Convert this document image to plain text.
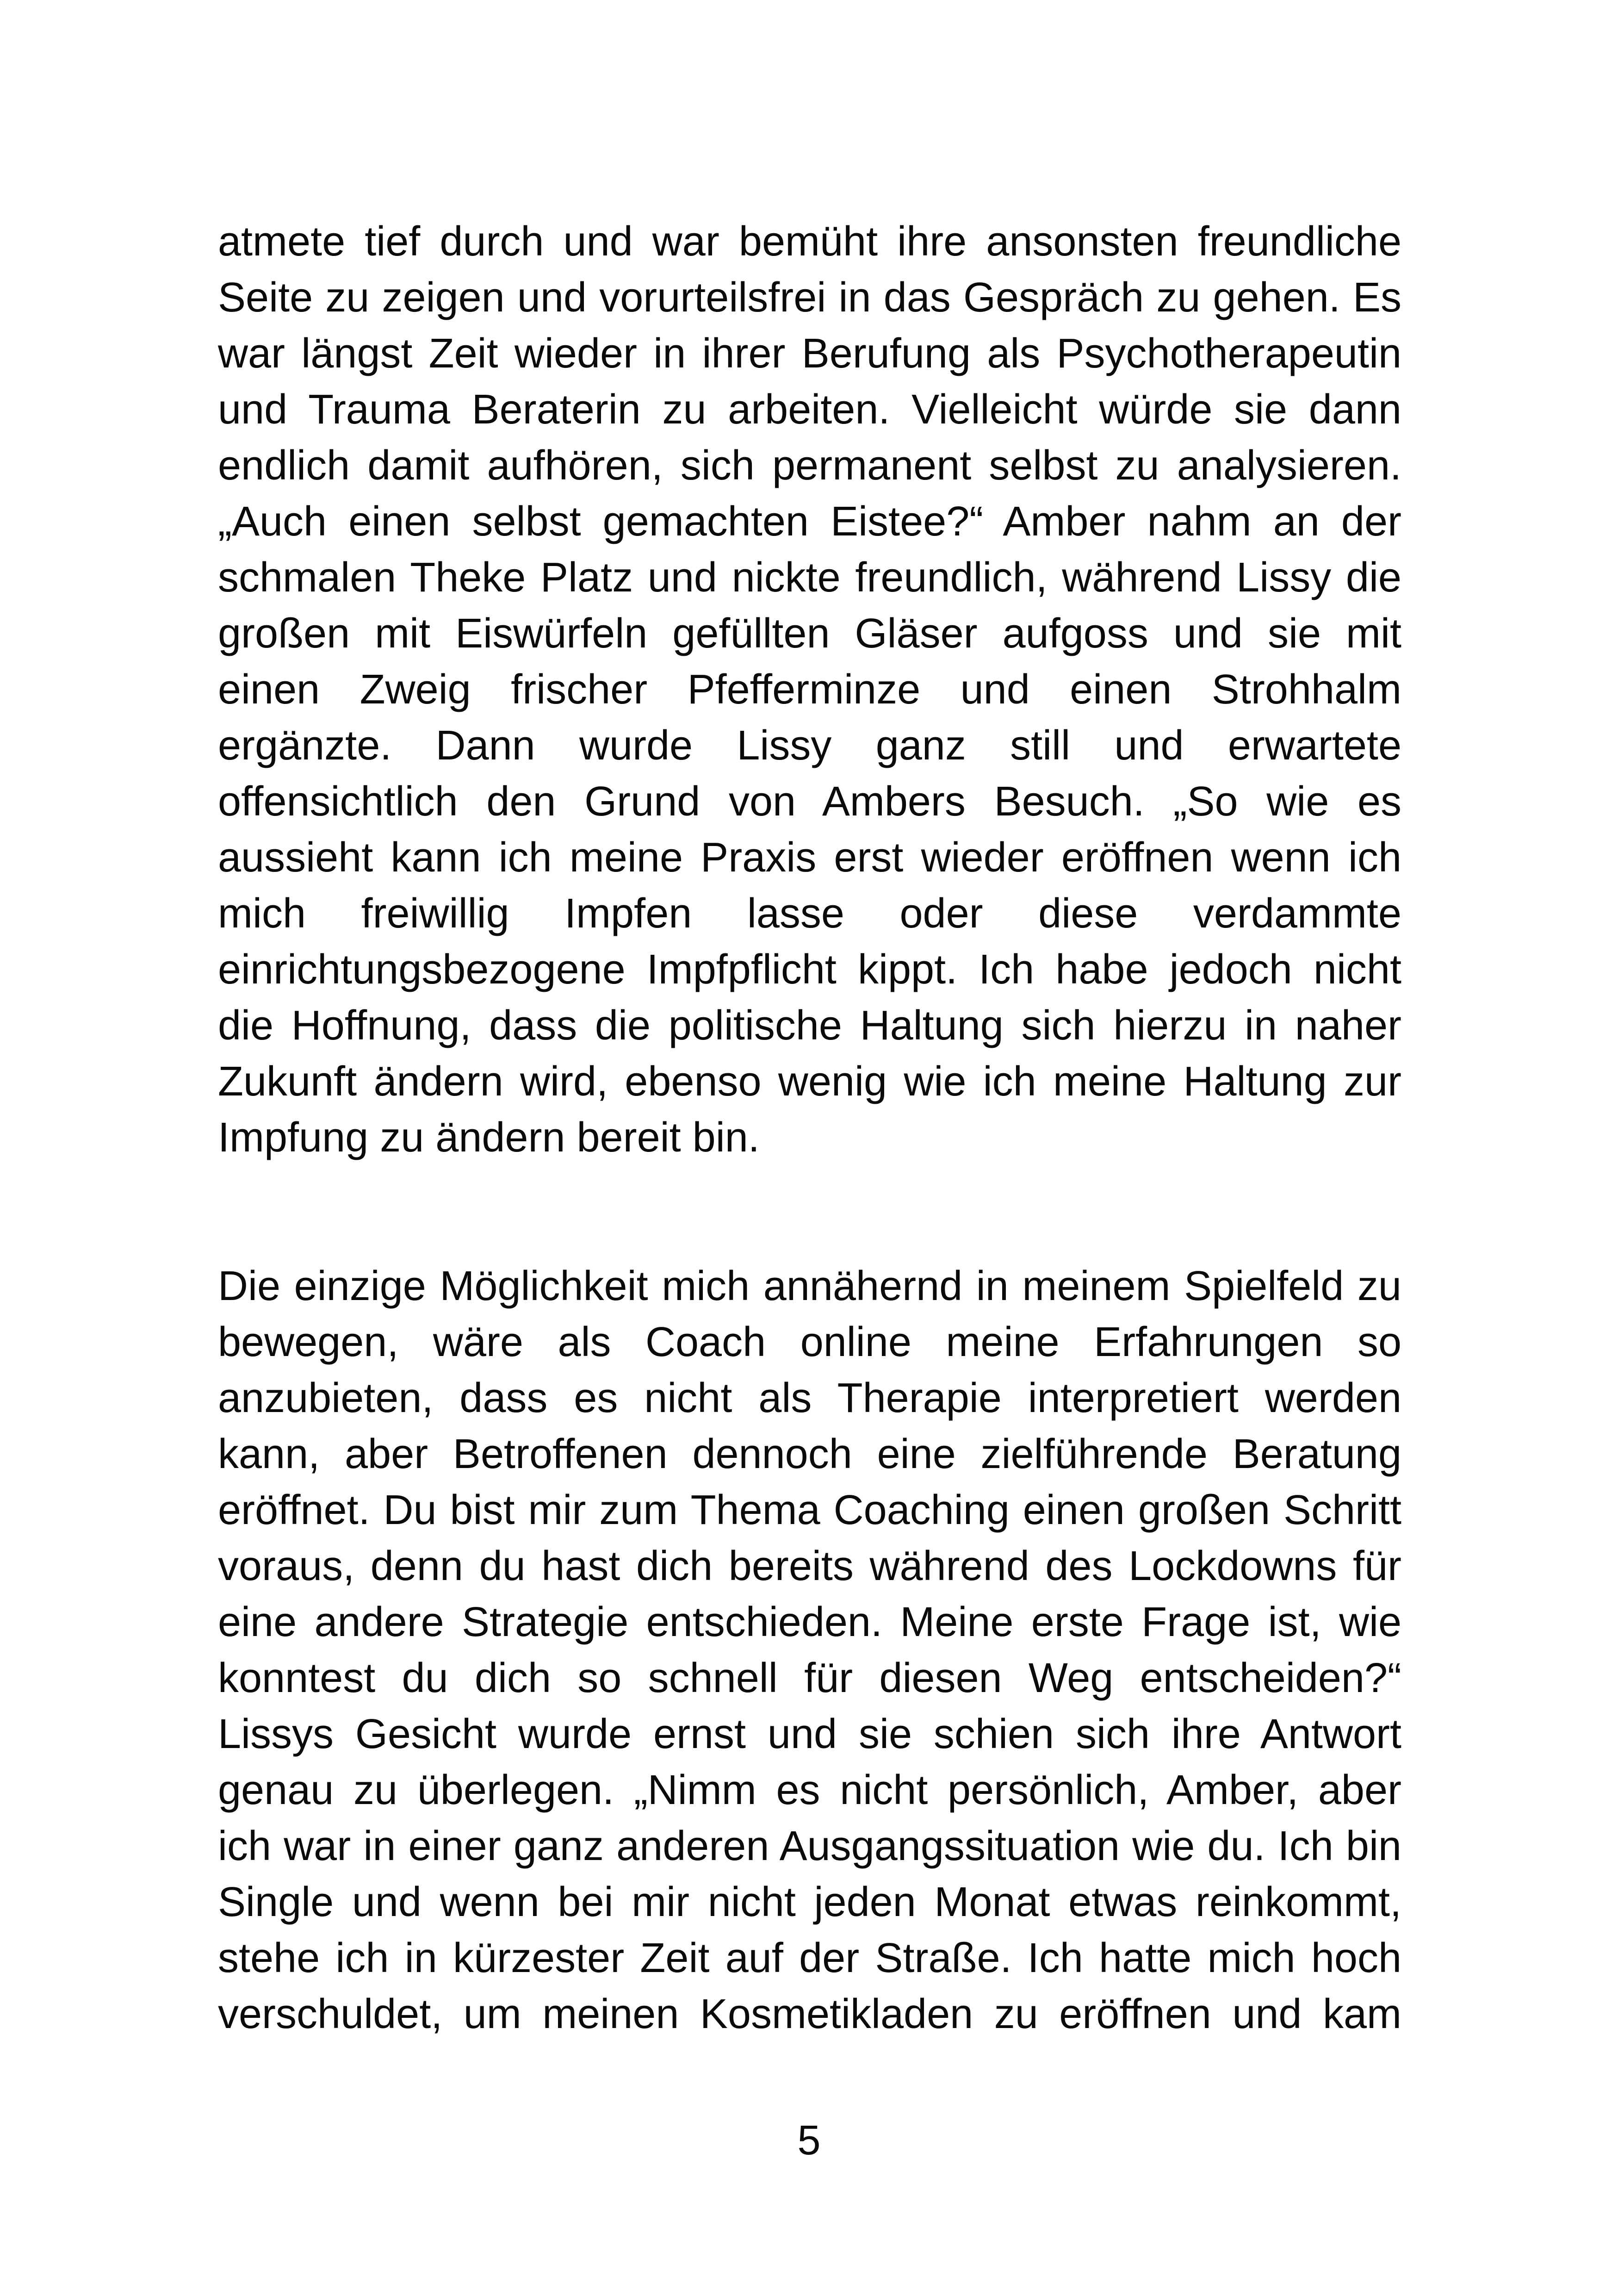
atmete tief durch und war bemüht ihre ansonsten freundliche
Seite zu zeigen und vorurteilsfrei in das Gespräch zu gehen. Es
war längst Zeit wieder in ihrer Berufung als Psychotherapeutin
und Trauma Beraterin zu arbeiten. Vielleicht würde sie dann
endlich damit aufhören, sich permanent selbst zu analysieren.
„Auch einen selbst gemachten Eistee?“ Amber nahm an der
schmalen Theke Platz und nickte freundlich, während Lissy die
großen mit Eiswürfeln gefüllten Gläser aufgoss und sie mit
einen Zweig frischer Pfefferminze und einen Strohhalm
ergänzte. Dann wurde Lissy ganz still und erwartete
offensichtlich den Grund von Ambers Besuch. „So wie es
aussieht kann ich meine Praxis erst wieder eröffnen wenn ich
mich freiwillig Impfen lasse oder diese verdammte
einrichtungsbezogene Impfpflicht kippt. Ich habe jedoch nicht
die Hoffnung, dass die politische Haltung sich hierzu in naher
Zukunft ändern wird, ebenso wenig wie ich meine Haltung zur
Impfung zu ändern bereit bin.
Die einzige Möglichkeit mich annähernd in meinem Spielfeld zu
bewegen, wäre als Coach online meine Erfahrungen so
anzubieten, dass es nicht als Therapie interpretiert werden
kann, aber Betroffenen dennoch eine zielführende Beratung
eröffnet. Du bist mir zum Thema Coaching einen großen Schritt
voraus, denn du hast dich bereits während des Lockdowns für
eine andere Strategie entschieden. Meine erste Frage ist, wie
konntest du dich so schnell für diesen Weg entscheiden?“
Lissys Gesicht wurde ernst und sie schien sich ihre Antwort
genau zu überlegen. „Nimm es nicht persönlich, Amber, aber
ich war in einer ganz anderen Ausgangssituation wie du. Ich bin
Single und wenn bei mir nicht jeden Monat etwas reinkommt,
stehe ich in kürzester Zeit auf der Straße. Ich hatte mich hoch
verschuldet, um meinen Kosmetikladen zu eröffnen und kam
5
